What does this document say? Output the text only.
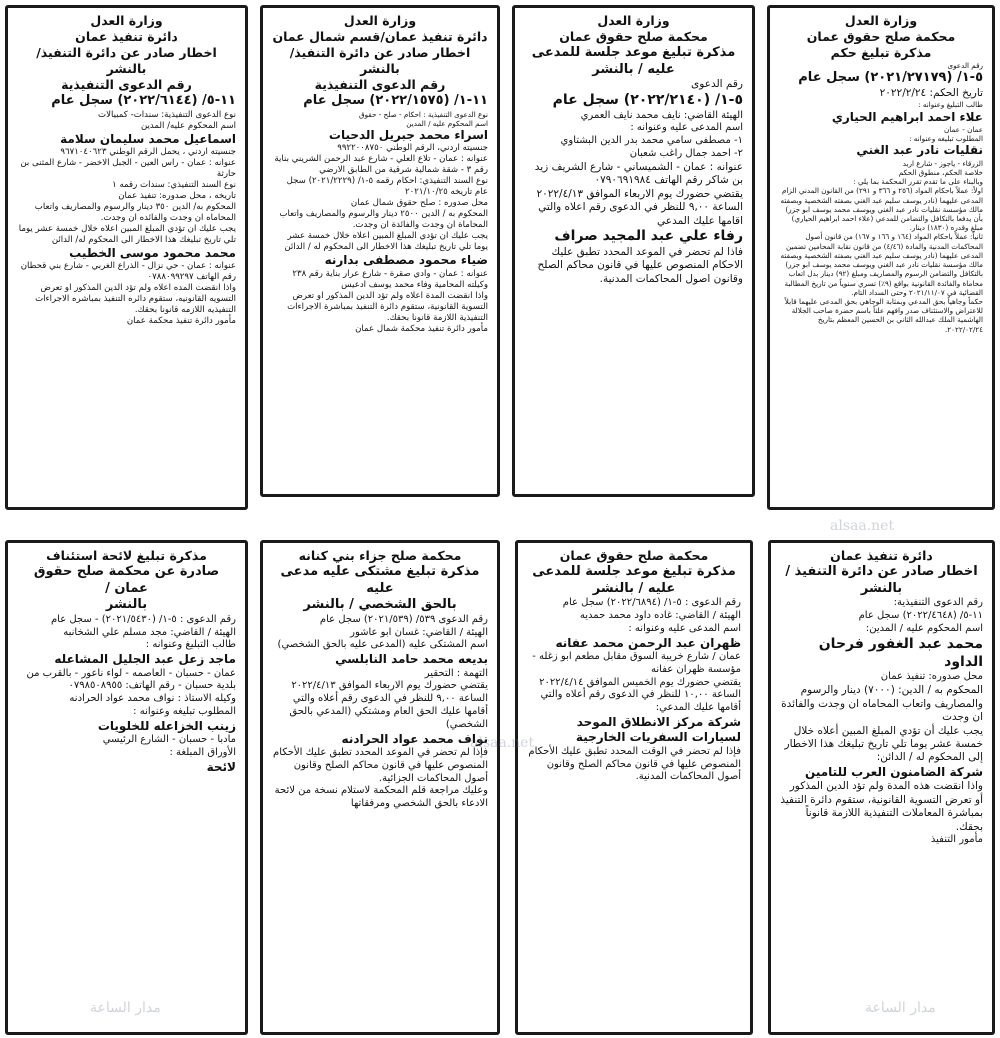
وزارة العدل
محكمة صلح حقوق عمان
مذكرة تبليغ حكم
رقم الدعوى
٥-١/ (٢٠٢١/٢٧١٧٩) سجل عام
تاريخ الحكم: ٢٠٢٢/٢/٢٤
طالب التبليغ وعنوانه :
علاء احمد ابراهيم الحياري
عمان - عمان
المطلوب تبليغه وعنوانه :
نقليات نادر عبد الغني
الزرقاء - ياجوز - شارع اربد
خلاصة الحكم، منطوق الحكم
وبالبناء على ما تقدم تقرر المحكمة بما يلي :
اولاً: عملاً باحكام المواد (٢٥٦ و ٣٦٦ و ٢٩١) من القانون المدني الزام المدعى عليهما (نادر يوسف سليم عبد الغني بصفته الشخصية وبصفته مالك مؤسسة نقليات نادر عبد الغني ويوسف محمد يوسف ابو جزر) بأن يدفعا بالتكافل والتضامن للمدعي (علاء احمد ابراهيم الحياري) مبلغ وقدره (١٨٣٠) دينار.
ثانياً: عملاً باحكام المواد (١٦٤ و ١٦٦ و ١٦٧) من قانون أصول المحاكمات المدنية والمادة (٤/٤٦) من قانون نقابة المحامين تضمين المدعى عليهما (نادر يوسف سليم عبد الغني بصفته الشخصية وبصفته مالك مؤسسة نقليات نادر عبد الغني ويوسف محمد يوسف ابو جزر) بالتكافل والتضامن الرسوم والمصاريف ومبلغ (٩٢) دينار بدل اتعاب محاماة والفائدة القانونية بواقع (٩٪) تسري سنوياً من تاريخ المطالبة القضائية في ٢٠٢١/١١/٠٧ وحتى السداد التام.
حكماً وجاهياً بحق المدعي وبمثابة الوجاهي بحق المدعى عليهما قابلاً للاعتراض والاستئناف صدر وافهم علناً باسم حضرة صاحب الجلالة الهاشمية الملك عبدالله الثاني بن الحسين المعظم بتاريخ ٢٠٢٢/٠٢/٢٤.
وزارة العدل
محكمة صلح حقوق عمان
مذكرة تبليغ موعد جلسة للمدعى
عليه / بالنشر
رقم الدعوى
٥-١/ (٢٠٢٢/٢١٤٠) سجل عام
الهيئة القاضي: نايف محمد نايف العمري
اسم المدعى عليه وعنوانه :
١- مصطفى سامي محمد بدر الدين البشتاوي
٢- احمد جمال راغب شعبان
عنوانه : عمان - الشميساني - شارع الشريف زيد بن شاكر رقم الهاتف ٠٧٩٠٦٩١٩٨٤
يقتضي حضورك يوم الاربعاء الموافق ٢٠٢٢/٤/١٣ الساعة ٩,٠٠ للنظر في الدعوى رقم اعلاه والتي اقامها عليك المدعي
رفاء علي عبد المجيد صراف
فاذا لم تحضر في الموعد المحدد تطبق عليك الاحكام المنصوص عليها في قانون محاكم الصلح وقانون اصول المحاكمات المدنية.
وزارة العدل
دائرة تنفيذ عمان/قسم شمال عمان
اخطار صادر عن دائرة التنفيذ/ بالنشر
رقم الدعوى التنفيذية
١١-١/ (٢٠٢٢/١٥٧٥) سجل عام
نوع الدعوى التنفيذية : احكام - صلح - حقوق
اسم المحكوم عليه / المدين
اسراء محمد جبريل الدحيات
جنسيته اردني، الرقم الوطني ٩٩٢٢٠٠٨٧٥٠
عنوانه : عمان - تلاع العلي - شارع عبد الرحمن الشريني بناية رقم ٣ - شقة شمالية شرقية من الطابق الارضي
نوع السند التنفيذي: احكام رقمه ٥-١/ (٢٠٢١/٢٢٢٩) سجل عام تاريخه ٢٠٢١/١٠/٢٥
محل صدوره : صلح حقوق شمال عمان
المحكوم به / الدين ٢٥٠٠ دينار والرسوم والمصاريف واتعاب المحاماة ان وجدت والفائدة ان وجدت.
يجب عليك ان تؤدي المبلغ المبين اعلاه خلال خمسة عشر يوما تلي تاريخ تبليغك هذا الاخطار الى المحكوم له / الدائن
ضياء محمود مصطفى بدارنه
عنوانه : عمان - وادي صقرة - شارع عرار بناية رقم ٢٣٨ وكيلته المحامية وفاء محمد يوسف ادعيس
واذا انقضت المدة اعلاه ولم تؤد الدين المذكور او تعرض التسوية القانونية، ستقوم دائرة التنفيذ بمباشرة الاجراءات التنفيذية اللازمة قانونا بحقك.
مأمور دائرة تنفيذ محكمة شمال عمان
وزارة العدل
دائرة تنفيذ عمان
اخطار صادر عن دائرة التنفيذ/ بالنشر
رقم الدعوى التنفيذية
١١-٥/ (٢٠٢٢/٦١٤٤) سجل عام
نوع الدعوى التنفيذية: سندات- كمبيالات
اسم المحكوم عليه/ المدين
اسماعيل محمد سليمان سلامة
جنسيته اردني ، يحمل الرقم الوطني ٩٦٧١٠٤٠٦٢٣
عنوانه : عمان - راس العين - الجبل الاخضر - شارع المثنى بن حارثة
نوع السند التنفيذي: سندات رقمه ١
تاريخه ، محل صدوره: تنفيذ عمان
المحكوم به/ الدين ٣٥٠ دينار والرسوم والمصاريف واتعاب المحاماه ان وجدت والفائده ان وجدت.
يجب عليك ان تؤدي المبلغ المبين اعلاه خلال خمسة عشر يوما تلي تاريخ تبليغك هذا الاخطار الى المحكوم له/ الدائن
محمد محمود موسى الخطيب
عنوانه : عمان - حي نزال - الذراع الغربي - شارع بني قحطان رقم الهاتف ٠٧٨٨٠٩٩٢٩٧
واذا انقضت المده اعلاه ولم تؤد الدين المذكور او تعرض التسويه القانونيه، ستقوم دائره التنفيذ بمباشره الاجراءات التنفيذيه اللازمه قانونا بحقك.
مأمور دائرة تنفيذ محكمة عمان
دائرة تنفيذ عمان
اخطار صادر عن دائرة التنفيذ / بالنشر
رقم الدعوى التنفيذية:
١١-٥/ (٢٠٢٢/٤٦٤٨) سجل عام
اسم المحكوم عليه / المدين:
محمد عبد الغفور فرحان الداود
محل صدوره: تنفيذ عمان
المحكوم به / الدين: (٧٠٠٠) دينار والرسوم والمصاريف واتعاب المحاماه ان وجدت والفائدة ان وجدت
يجب عليك أن تؤدي المبلغ المبين أعلاه خلال خمسة عشر يوما تلي تاريخ تبليغك هذا الاخطار إلى المحكوم له / الدائن:
شركة الضامنون العرب للتامين
واذا انقضت هذه المدة ولم تؤد الدين المذكور أو تعرض التسوية القانونية، ستقوم دائرة التنفيذ بمباشرة المعاملات التنفيذية اللازمة قانوناً بحقك.
مأمور التنفيذ
محكمة صلح حقوق عمان
مذكرة تبليغ موعد جلسة للمدعى
عليه / بالنشر
رقم الدعوى : ٥-١/ (٢٠٢٢/٦٨٩٤) سجل عام
الهيئة / القاضي: غاده داود محمد حمديه
اسم المدعى عليه وعنوانه :
ظهران عبد الرحمن محمد عفانه
عمان / شارع خريبة السوق مقابل مطعم ابو زغله - مؤسسة ظهران عفانه
يقتضي حضورك يوم الخميس الموافق ٢٠٢٢/٤/١٤ الساعة ١٠,٠٠ للنظر في الدعوى رقم أعلاه والتي أقامها عليك المدعي:
شركة مركز الانطلاق الموحد لسيارات السفريات الخارجية
فإذا لم تحضر في الوقت المحدد تطبق عليك الأحكام المنصوص عليها في قانون محاكم الصلح وقانون أصول المحاكمات المدنية.
محكمة صلح جزاء بني كنانه
مذكرة تبليغ مشتكى عليه مدعى عليه
بالحق الشخصي / بالنشر
رقم الدعوى ٥٣٩/ (٢٠٢١/٥٣٩) سجل عام
الهيئة / القاضي: غسان ابو عاشور
اسم المشتكى عليه (المدعى عليه بالحق الشخصي)
بديعه محمد حامد النابلسي
التهمة : التحقير
يقتضي حضورك يوم الاربعاء الموافق ٢٠٢٢/٤/١٣ الساعة ٩,٠٠ للنظر في الدعوى رقم أعلاه والتي أقامها عليك الحق العام ومشتكي (المدعي بالحق الشخصي)
نواف محمد عواد الحرادنه
فإذا لم تحضر في الموعد المحدد تطبق عليك الأحكام المنصوص عليها في قانون محاكم الصلح وقانون أصول المحاكمات الجزائية.
وعليك مراجعة قلم المحكمة لاستلام نسخة من لائحة الادعاء بالحق الشخصي ومرفقاتها
مذكرة تبليغ لائحة استئناف
صادرة عن محكمة صلح حقوق عمان /
بالنشر
رقم الدعوى : ٥-١/ (٢٠٢١/٥٤٣٠) - سجل عام
الهيئة / القاضي: مجد مسلم علي الشخانبه
طالب التبليغ وعنوانه :
ماجد زعل عبد الجليل المشاعله
عمان - حسبان - العاصمه - لواء ناعور - بالقرب من بلدية حسبان - رقم الهاتف: ٠٧٩٨٥٠٨٩٥٥
وكيله الاستاذ : نواف محمد عواد الحرادنه
المطلوب تبليغه وعنوانه :
زينب الخزاعله للخلويات
مادبا - حسبان - الشارع الرئيسي
الأوراق المبلغة :
لائحة
alsaa.net
alsaa.net
مدار الساعة
مدار الساعة
